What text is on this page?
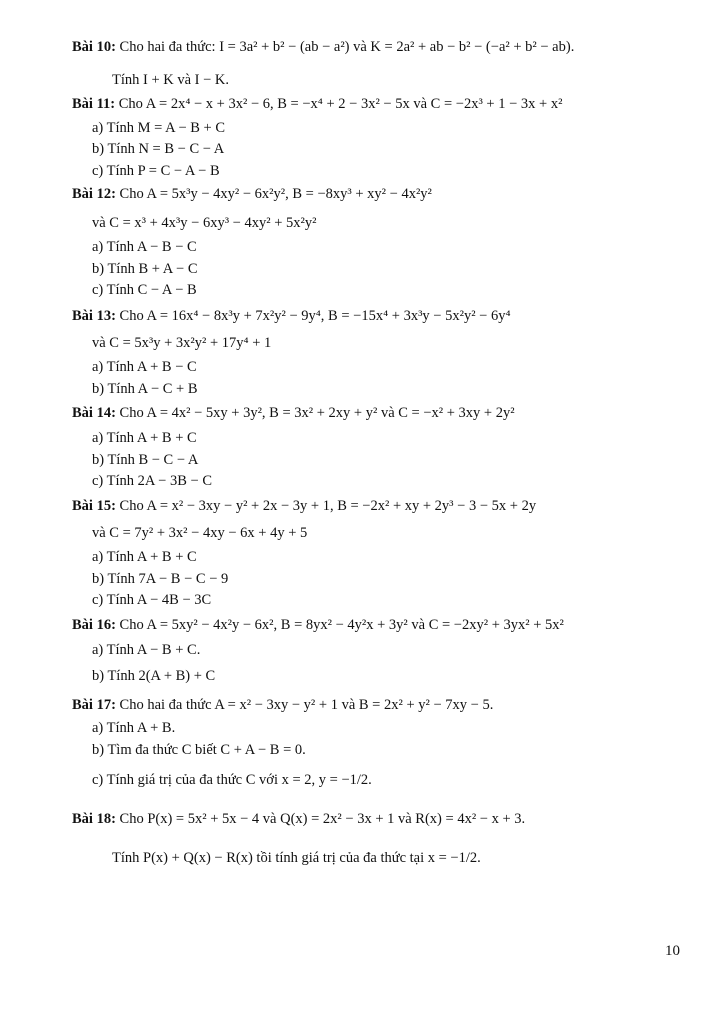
Bài 10: Cho hai đa thức: I = 3a² + b² − (ab − a²) và K = 2a² + ab − b² − (−a² + b² − ab).
Tính I + K và I − K.
Bài 11: Cho A = 2x⁴ − x + 3x² − 6, B = −x⁴ + 2 − 3x² − 5x và C = −2x³ + 1 − 3x + x²
a) Tính M = A − B + C
b) Tính N = B − C − A
c) Tính P = C − A − B
Bài 12: Cho A = 5x³y − 4xy² − 6x²y², B = −8xy³ + xy² − 4x²y²
và C = x³ + 4x³y − 6xy³ − 4xy² + 5x²y²
a) Tính A − B − C
b) Tính B + A − C
c) Tính C − A − B
Bài 13: Cho A = 16x⁴ − 8x³y + 7x²y² − 9y⁴, B = −15x⁴ + 3x³y − 5x²y² − 6y⁴
và C = 5x³y + 3x²y² + 17y⁴ + 1
a) Tính A + B − C
b) Tính A − C + B
Bài 14: Cho A = 4x² − 5xy + 3y², B = 3x² + 2xy + y² và C = −x² + 3xy + 2y²
a) Tính A + B + C
b) Tính B − C − A
c) Tính 2A − 3B − C
Bài 15: Cho A = x² − 3xy − y² + 2x − 3y + 1, B = −2x² + xy + 2y³ − 3 − 5x + 2y
và C = 7y² + 3x² − 4xy − 6x + 4y + 5
a) Tính A + B + C
b) Tính 7A − B − C − 9
c) Tính A − 4B − 3C
Bài 16: Cho A = 5xy² − 4x²y − 6x², B = 8yx² − 4y²x + 3y² và C = −2xy² + 3yx² + 5x²
a) Tính A − B + C.
b) Tính 2(A + B) + C
Bài 17: Cho hai đa thức A = x² − 3xy − y² + 1 và B = 2x² + y² − 7xy − 5.
a) Tính A + B.
b) Tìm đa thức C biết C + A − B = 0.
c) Tính giá trị của đa thức C với x = 2, y = −1/2.
Bài 18: Cho P(x) = 5x² + 5x − 4 và Q(x) = 2x² − 3x + 1 và R(x) = 4x² − x + 3.
Tính P(x) + Q(x) − R(x) tồi tính giá trị của đa thức tại x = −1/2.
10
